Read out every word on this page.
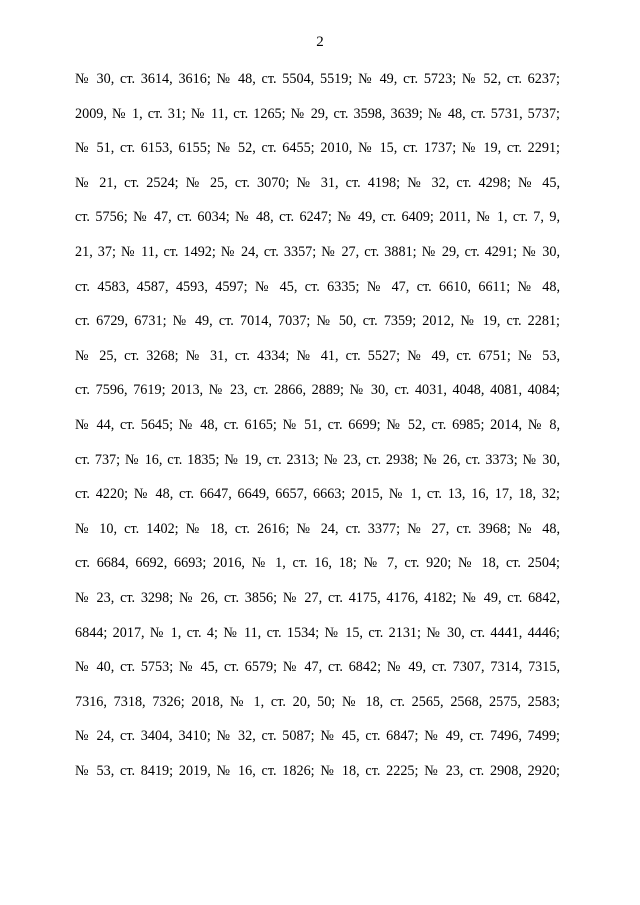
2
№ 30, ст. 3614, 3616; № 48, ст. 5504, 5519; № 49, ст. 5723; № 52, ст. 6237;
2009, № 1, ст. 31; № 11, ст. 1265; № 29, ст. 3598, 3639; № 48, ст. 5731, 5737;
№ 51, ст. 6153, 6155; № 52, ст. 6455; 2010, № 15, ст. 1737; № 19, ст. 2291;
№ 21, ст. 2524; № 25, ст. 3070; № 31, ст. 4198; № 32, ст. 4298; № 45,
ст. 5756; № 47, ст. 6034; № 48, ст. 6247; № 49, ст. 6409; 2011, № 1, ст. 7, 9,
21, 37; № 11, ст. 1492; № 24, ст. 3357; № 27, ст. 3881; № 29, ст. 4291; № 30,
ст. 4583, 4587, 4593, 4597; № 45, ст. 6335; № 47, ст. 6610, 6611; № 48,
ст. 6729, 6731; № 49, ст. 7014, 7037; № 50, ст. 7359; 2012, № 19, ст. 2281;
№ 25, ст. 3268; № 31, ст. 4334; № 41, ст. 5527; № 49, ст. 6751; № 53,
ст. 7596, 7619; 2013, № 23, ст. 2866, 2889; № 30, ст. 4031, 4048, 4081, 4084;
№ 44, ст. 5645; № 48, ст. 6165; № 51, ст. 6699; № 52, ст. 6985; 2014, № 8,
ст. 737; № 16, ст. 1835; № 19, ст. 2313; № 23, ст. 2938; № 26, ст. 3373; № 30,
ст. 4220; № 48, ст. 6647, 6649, 6657, 6663; 2015, № 1, ст. 13, 16, 17, 18, 32;
№ 10, ст. 1402; № 18, ст. 2616; № 24, ст. 3377; № 27, ст. 3968; № 48,
ст. 6684, 6692, 6693; 2016, № 1, ст. 16, 18; № 7, ст. 920; № 18, ст. 2504;
№ 23, ст. 3298; № 26, ст. 3856; № 27, ст. 4175, 4176, 4182; № 49, ст. 6842,
6844; 2017, № 1, ст. 4; № 11, ст. 1534; № 15, ст. 2131; № 30, ст. 4441, 4446;
№ 40, ст. 5753; № 45, ст. 6579; № 47, ст. 6842; № 49, ст. 7307, 7314, 7315,
7316, 7318, 7326; 2018, № 1, ст. 20, 50; № 18, ст. 2565, 2568, 2575, 2583;
№ 24, ст. 3404, 3410; № 32, ст. 5087; № 45, ст. 6847; № 49, ст. 7496, 7499;
№ 53, ст. 8419; 2019, № 16, ст. 1826; № 18, ст. 2225; № 23, ст. 2908, 2920;
